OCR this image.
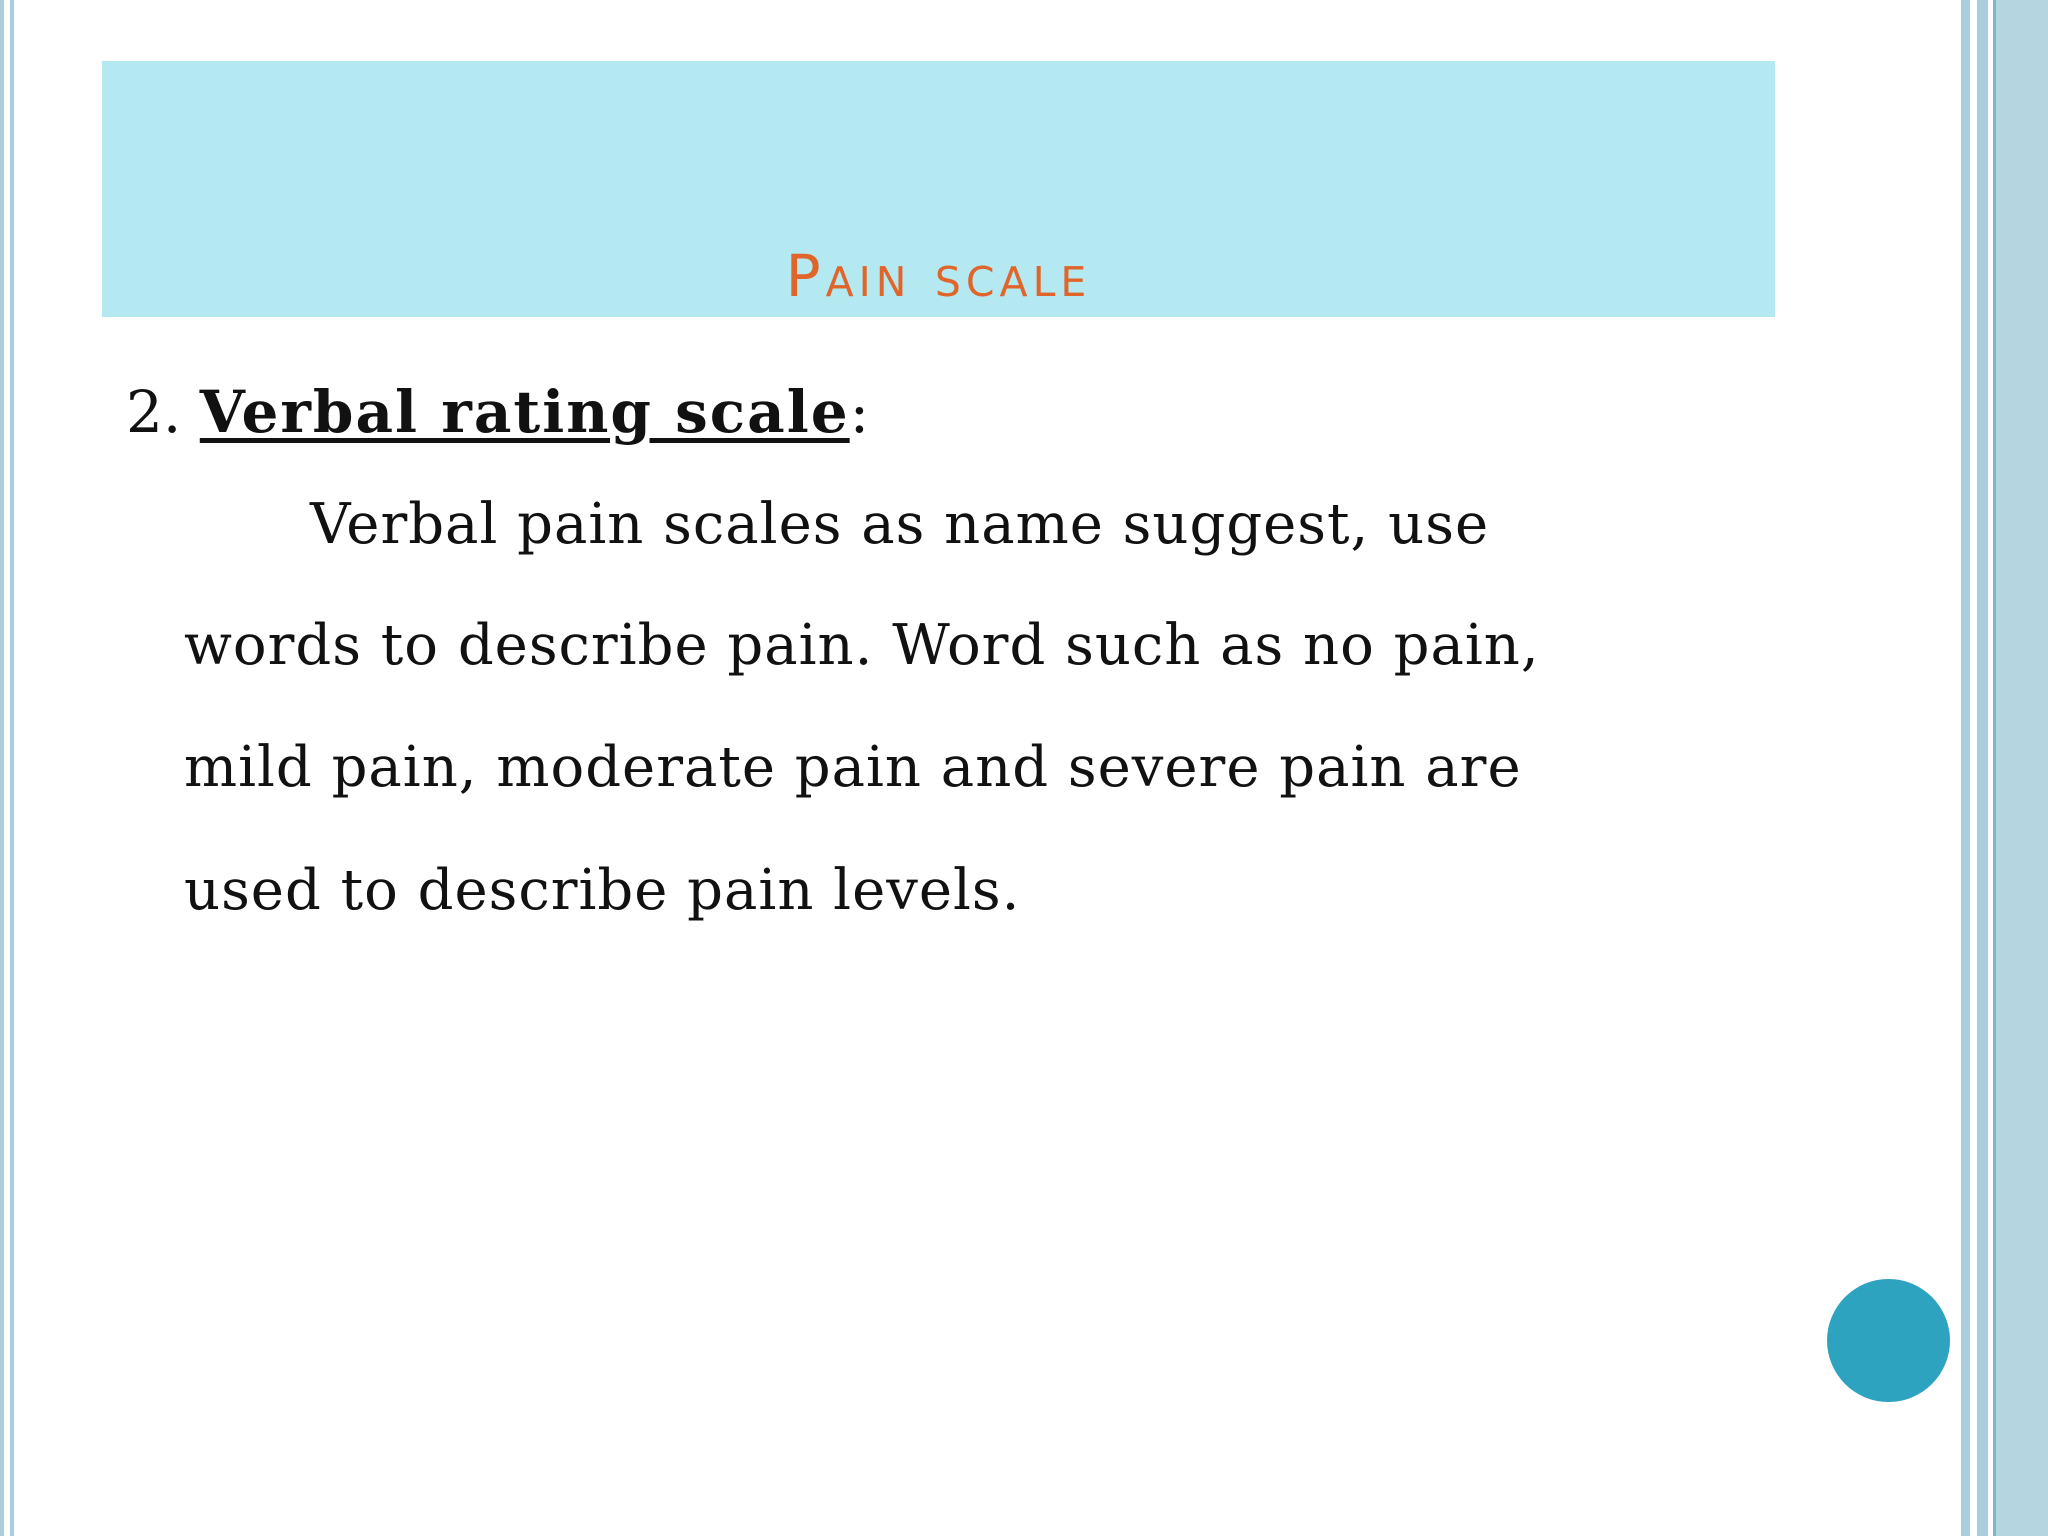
Pain scale
2. Verbal rating scale:
Verbal pain scales as name suggest, use
words to describe pain. Word such as no pain,
mild pain, moderate pain and severe pain are
used to describe pain levels.
